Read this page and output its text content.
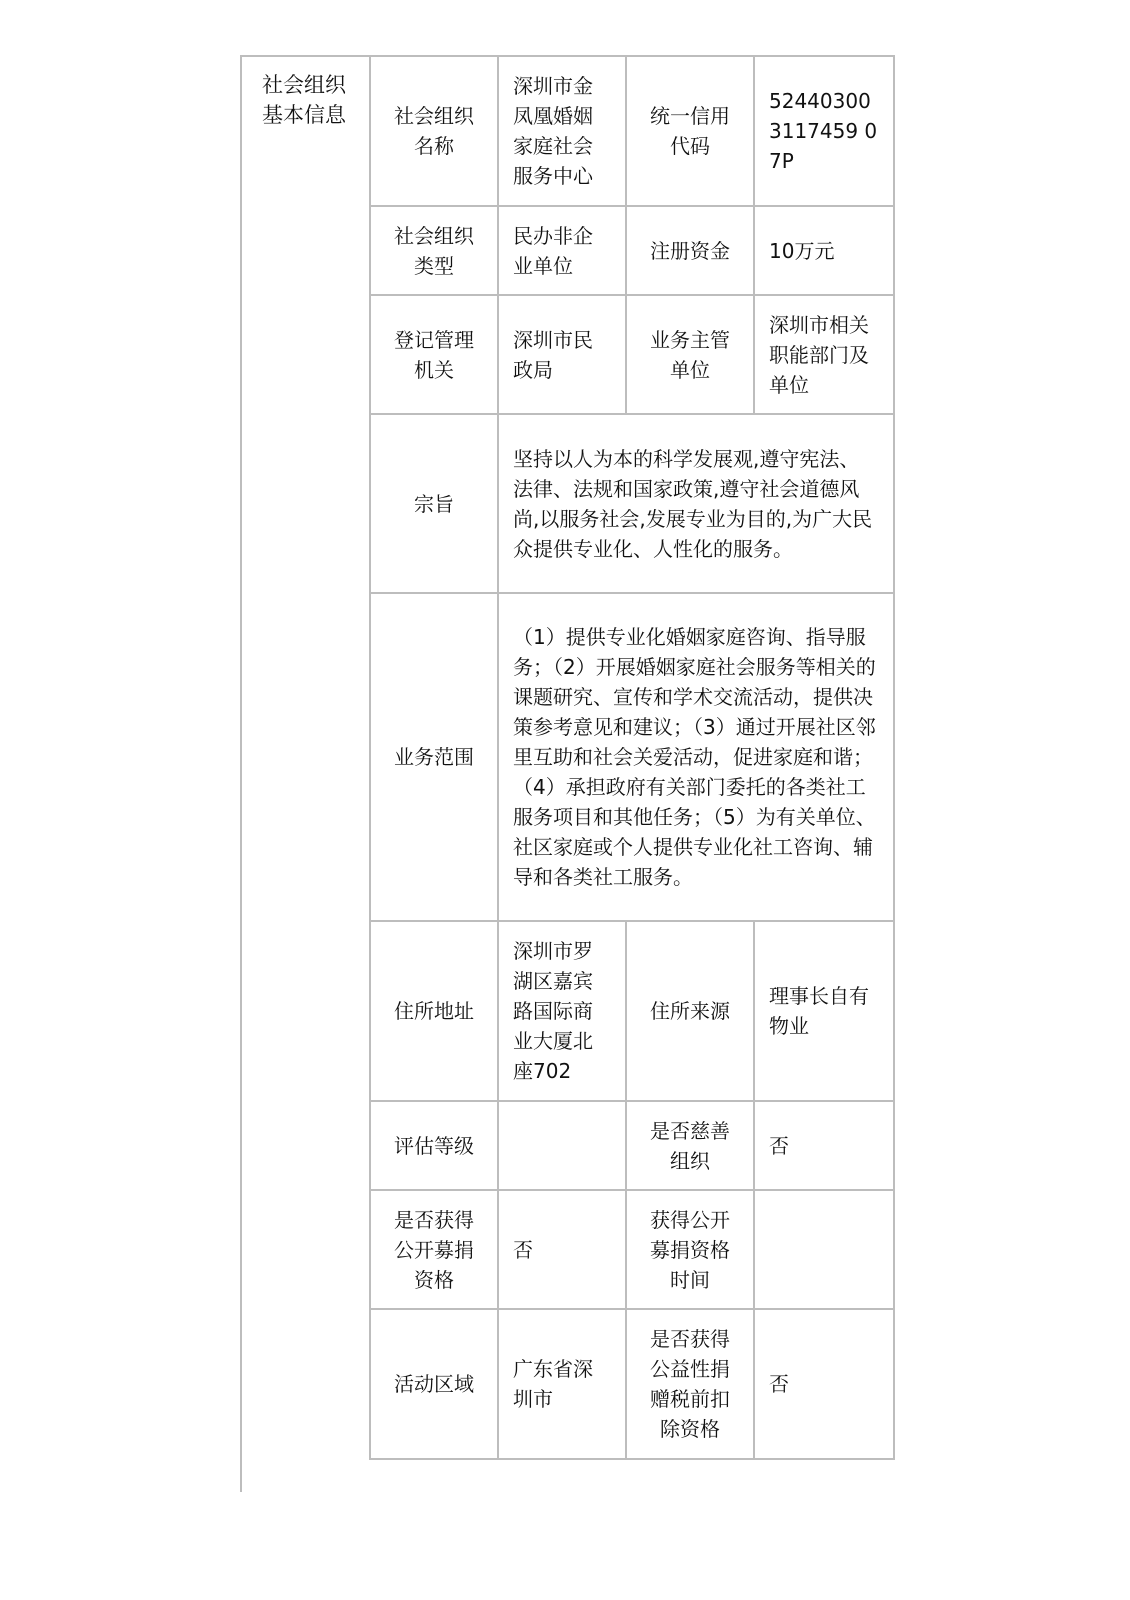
社会组织
基本信息 社会组织名称	深圳市金凤凰婚姻家庭社会服务中心	统一信用代码	524403003117459 07P
社会组织类型	民办非企业单位	注册资金	10万元
登记管理机关	深圳市民政局	业务主管单位	深圳市相关职能部门及单位
宗旨	坚持以人为本的科学发展观,遵守宪法、法律、法规和国家政策,遵守社会道德风尚,以服务社会,发展专业为目的,为广大民众提供专业化、人性化的服务。		
业务范围	（1）提供专业化婚姻家庭咨询、指导服务；（2）开展婚姻家庭社会服务等相关的课题研究、宣传和学术交流活动，提供决策参考意见和建议；（3）通过开展社区邻里互助和社会关爱活动，促进家庭和谐；（4）承担政府有关部门委托的各类社工服务项目和其他任务；（5）为有关单位、社区家庭或个人提供专业化社工咨询、辅导和各类社工服务。		
住所地址	深圳市罗湖区嘉宾路国际商业大厦北座702	住所来源	理事长自有物业
评估等级		是否慈善组织	否
是否获得公开募捐资格	否	获得公开募捐资格时间	
活动区域	广东省深圳市	是否获得公益性捐赠税前扣除资格	否
